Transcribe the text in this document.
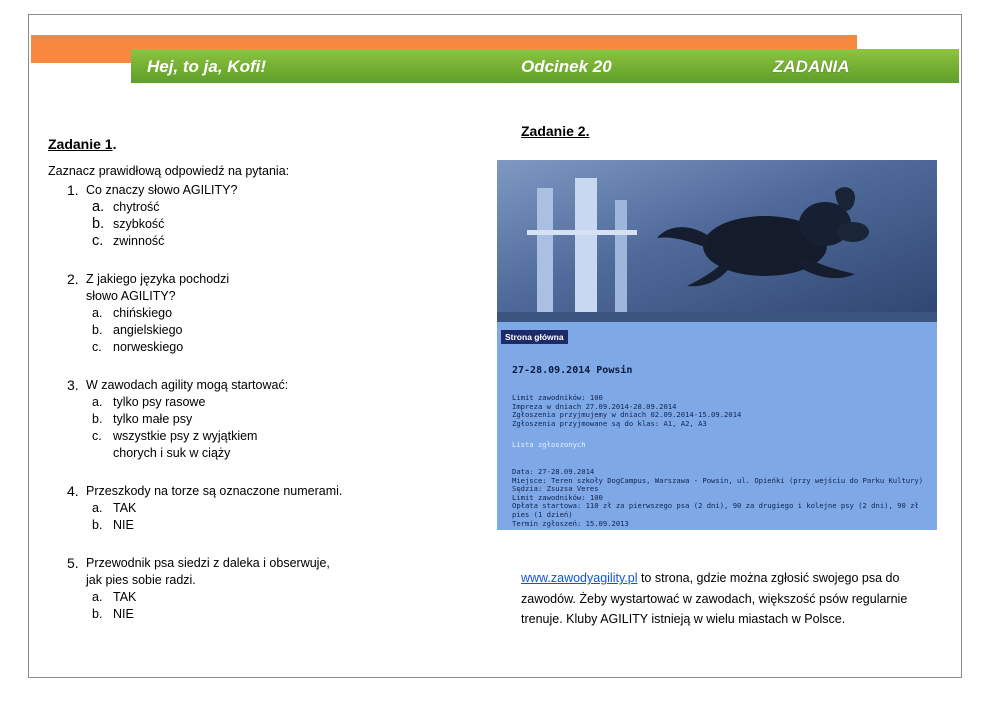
Hej, to ja, Kofi!	Odcinek 20	ZADANIA
Zadanie 1.
Zaznacz prawidłową odpowiedź na pytania:
1. Co znaczy słowo AGILITY?
a. chytrość
b. szybkość
c. zwinność
2. Z jakiego języka pochodzi
słowo AGILITY?
a. chińskiego
b. angielskiego
c. norweskiego
3. W zawodach agility mogą startować:
a. tylko psy rasowe
b. tylko małe psy
c. wszystkie psy z wyjątkiem
chorych i suk w ciąży
4. Przeszkody na torze są oznaczone numerami.
a. TAK
b. NIE
5. Przewodnik psa siedzi z daleka i obserwuje,
jak pies sobie radzi.
a. TAK
b. NIE
Zadanie 2.
Strona główna
27-28.09.2014 Powsin
Limit zawodników: 100
Impreza w dniach 27.09.2014-28.09.2014
Zgłoszenia przyjmujemy w dniach 02.09.2014-15.09.2014
Zgłoszenia przyjmowane są do klas: A1, A2, A3
Lista zgłoszonych
Data: 27-28.09.2014
Miejsce: Teren szkoły DogCampus, Warszawa - Powsin, ul. Opieńki (przy wejściu do Parku Kultury)
Sędzia: Zsuzsa Veres
Limit zawodników: 100
Opłata startowa: 110 zł za pierwszego psa (2 dni), 90 za drugiego i kolejne psy (2 dni), 90 zł pies (1 dzień)
Termin zgłoszeń: 15.09.2013
www.zawodyagility.pl to strona, gdzie można zgłosić swojego psa do zawodów. Żeby wystartować w zawodach, większość psów regularnie trenuje. Kluby AGILITY istnieją w wielu miastach w Polsce.
